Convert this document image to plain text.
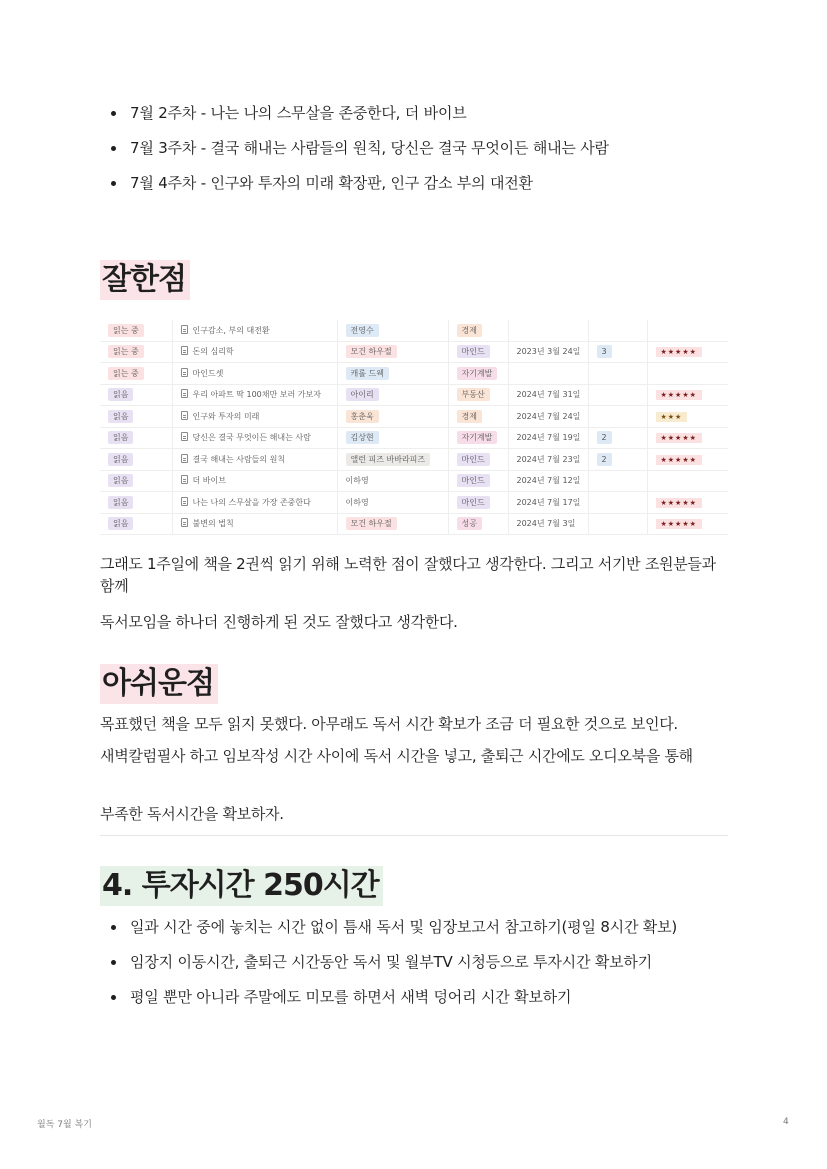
7월 2주차 - 나는 나의 스무살을 존중한다, 더 바이브
7월 3주차 - 결국 해내는 사람들의 원칙, 당신은 결국 무엇이든 해내는 사람
7월 4주차 - 인구와 투자의 미래 확장판, 인구 감소 부의 대전환
잘한점
읽는 중	인구감소, 부의 대전환	전영수	경제			
읽는 중	돈의 심리학	모건 하우절	마인드	2023년 3월 24일	3	★★★★★
읽는 중	마인드셋	캐롤 드웩	자기계발			
읽음	우리 아파트 딱 100채만 보러 가보자	아이리	부동산	2024년 7월 31일		★★★★★
읽음	인구와 투자의 미래	홍춘욱	경제	2024년 7월 24일		★★★
읽음	당신은 결국 무엇이든 해내는 사람	김상현	자기계발	2024년 7월 19일	2	★★★★★
읽음	결국 해내는 사람들의 원칙	앨런 피즈 바바라피즈	마인드	2024년 7월 23일	2	★★★★★
읽음	더 바이브	이하영	마인드	2024년 7월 12일		
읽음	나는 나의 스무살을 가장 존중한다	이하영	마인드	2024년 7월 17일		★★★★★
읽음	불변의 법칙	모건 하우절	성공	2024년 7월 3일		★★★★★
그래도 1주일에 책을 2권씩 읽기 위해 노력한 점이 잘했다고 생각한다. 그리고 서기반 조원분들과 함께
독서모임을 하나더 진행하게 된 것도 잘했다고 생각한다.
아쉬운점
목표했던 책을 모두 읽지 못했다. 아무래도 독서 시간 확보가 조금 더 필요한 것으로 보인다.
새벽칼럼필사 하고 임보작성 시간 사이에 독서 시간을 넣고, 출퇴근 시간에도 오디오북을 통해
부족한 독서시간을 확보하자.
4. 투자시간 250시간
일과 시간 중에 놓치는 시간 없이 틈새 독서 및 임장보고서 참고하기(평일 8시간 확보)
임장지 이동시간, 출퇴근 시간동안 독서 및 월부TV 시청등으로 투자시간 확보하기
평일 뿐만 아니라 주말에도 미모를 하면서 새벽 덩어리 시간 확보하기
월독 7월 복기	4
